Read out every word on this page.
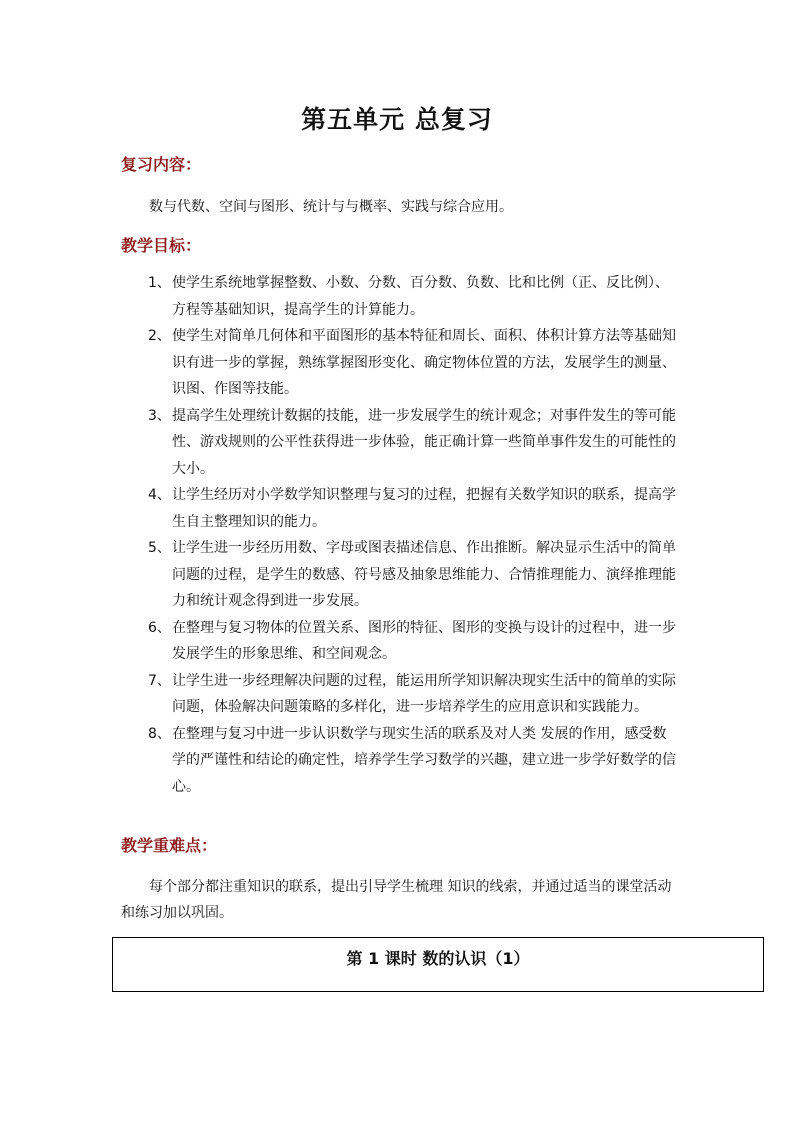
第五单元 总复习
复习内容：
数与代数、空间与图形、统计与与概率、实践与综合应用。
教学目标：
1、 使学生系统地掌握整数、小数、分数、百分数、负数、比和比例（正、反比例）、方程等基础知识，提高学生的计算能力。
2、 使学生对简单几何体和平面图形的基本特征和周长、面积、体积计算方法等基础知识有进一步的掌握，熟练掌握图形变化、确定物体位置的方法，发展学生的测量、识图、作图等技能。
3、 提高学生处理统计数据的技能，进一步发展学生的统计观念；对事件发生的等可能性、游戏规则的公平性获得进一步体验，能正确计算一些简单事件发生的可能性的大小。
4、 让学生经历对小学数学知识整理与复习的过程，把握有关数学知识的联系，提高学生自主整理知识的能力。
5、 让学生进一步经历用数、字母或图表描述信息、作出推断。解决显示生活中的简单问题的过程，是学生的数感、符号感及抽象思维能力、合情推理能力、演绎推理能力和统计观念得到进一步发展。
6、 在整理与复习物体的位置关系、图形的特征、图形的变换与设计的过程中，进一步发展学生的形象思维、和空间观念。
7、 让学生进一步经理解决问题的过程，能运用所学知识解决现实生活中的简单的实际问题，体验解决问题策略的多样化，进一步培养学生的应用意识和实践能力。
8、 在整理与复习中进一步认识数学与现实生活的联系及对人类 发展的作用，感受数学的严谨性和结论的确定性，培养学生学习数学的兴趣，建立进一步学好数学的信心。
教学重难点：
每个部分都注重知识的联系，提出引导学生梳理 知识的线索，并通过适当的课堂活动和练习加以巩固。
第 1 课时 数的认识（1）
